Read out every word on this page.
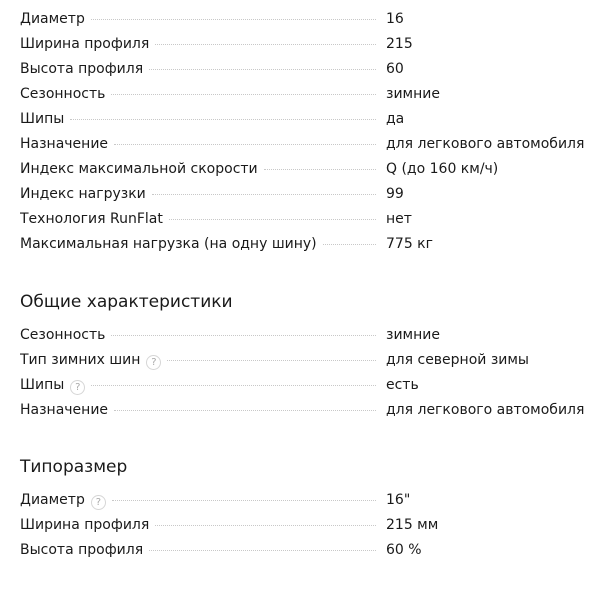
Диаметр	16
Ширина профиля	215
Высота профиля	60
Сезонность	зимние
Шипы	да
Назначение	для легкового автомобиля
Индекс максимальной скорости	Q (до 160 км/ч)
Индекс нагрузки	99
Технология RunFlat	нет
Максимальная нагрузка (на одну шину)	775 кг
Общие характеристики
Сезонность	зимние
Тип зимних шин	?	для северной зимы
Шипы	?	есть
Назначение	для легкового автомобиля
Типоразмер
Диаметр	?	16"
Ширина профиля	215 мм
Высота профиля	60 %
